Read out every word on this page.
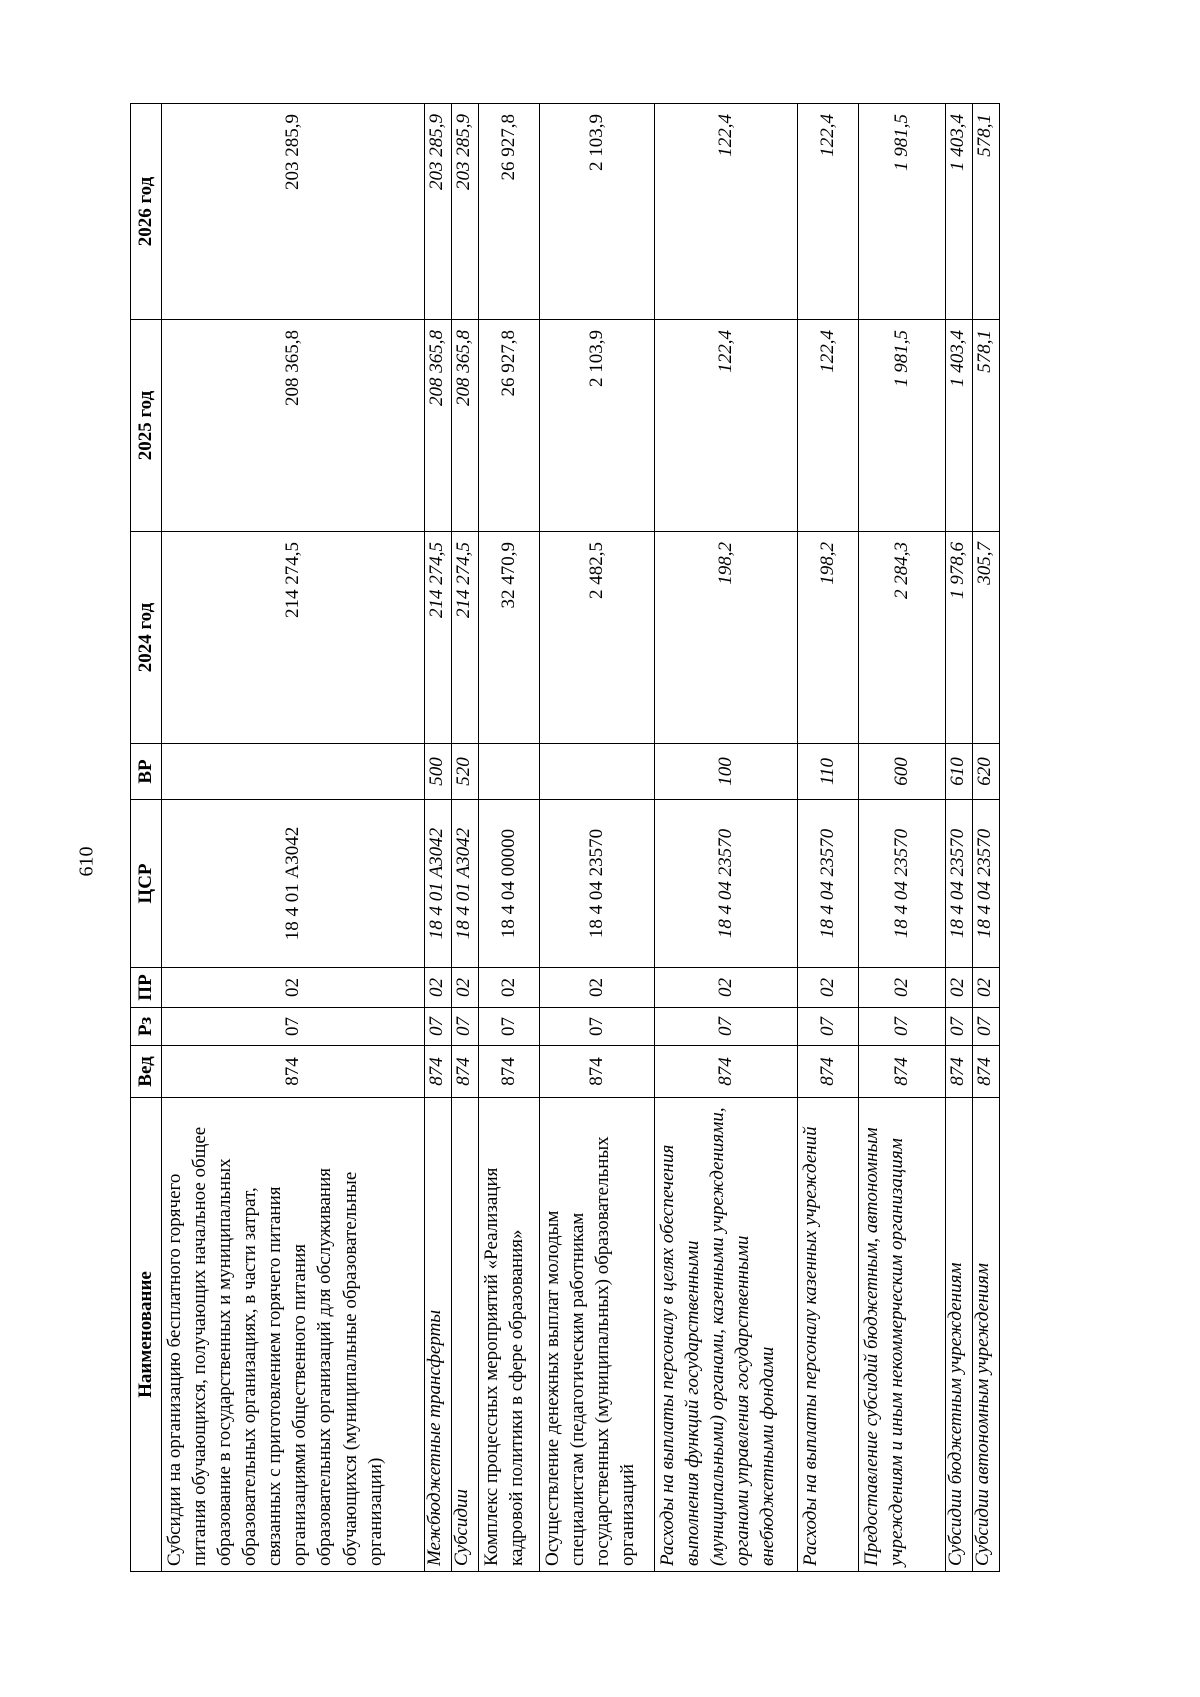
610
Наименование	Вед	Рз	ПР	ЦСР	ВР	2024 год	2025 год	2026 год
Субсидии на организацию бесплатного горячего питания обучающихся, получающих начальное общее образование в государственных и муниципальных образовательных организациях, в части затрат, связанных с приготовлением горячего питания организациями общественного питания образовательных организаций для обслуживания обучающихся (муниципальные образовательные организации)	874	07	02	18 4 01 А3042		214 274,5	208 365,8	203 285,9
Межбюджетные трансферты	874	07	02	18 4 01 А3042	500	214 274,5	208 365,8	203 285,9
Субсидии	874	07	02	18 4 01 А3042	520	214 274,5	208 365,8	203 285,9
Комплекс процессных мероприятий «Реализация кадровой политики в сфере образования»	874	07	02	18 4 04 00000		32 470,9	26 927,8	26 927,8
Осуществление денежных выплат молодым специалистам (педагогическим работникам государственных (муниципальных) образовательных организаций	874	07	02	18 4 04 23570		2 482,5	2 103,9	2 103,9
Расходы на выплаты персоналу в целях обеспечения выполнения функций государственными (муниципальными) органами, казенными учреждениями, органами управления государственными внебюджетными фондами	874	07	02	18 4 04 23570	100	198,2	122,4	122,4
Расходы на выплаты персоналу казенных учреждений	874	07	02	18 4 04 23570	110	198,2	122,4	122,4
Предоставление субсидий бюджетным, автономным учреждениям и иным некоммерческим организациям	874	07	02	18 4 04 23570	600	2 284,3	1 981,5	1 981,5
Субсидии бюджетным учреждениям	874	07	02	18 4 04 23570	610	1 978,6	1 403,4	1 403,4
Субсидии автономным учреждениям	874	07	02	18 4 04 23570	620	305,7	578,1	578,1
